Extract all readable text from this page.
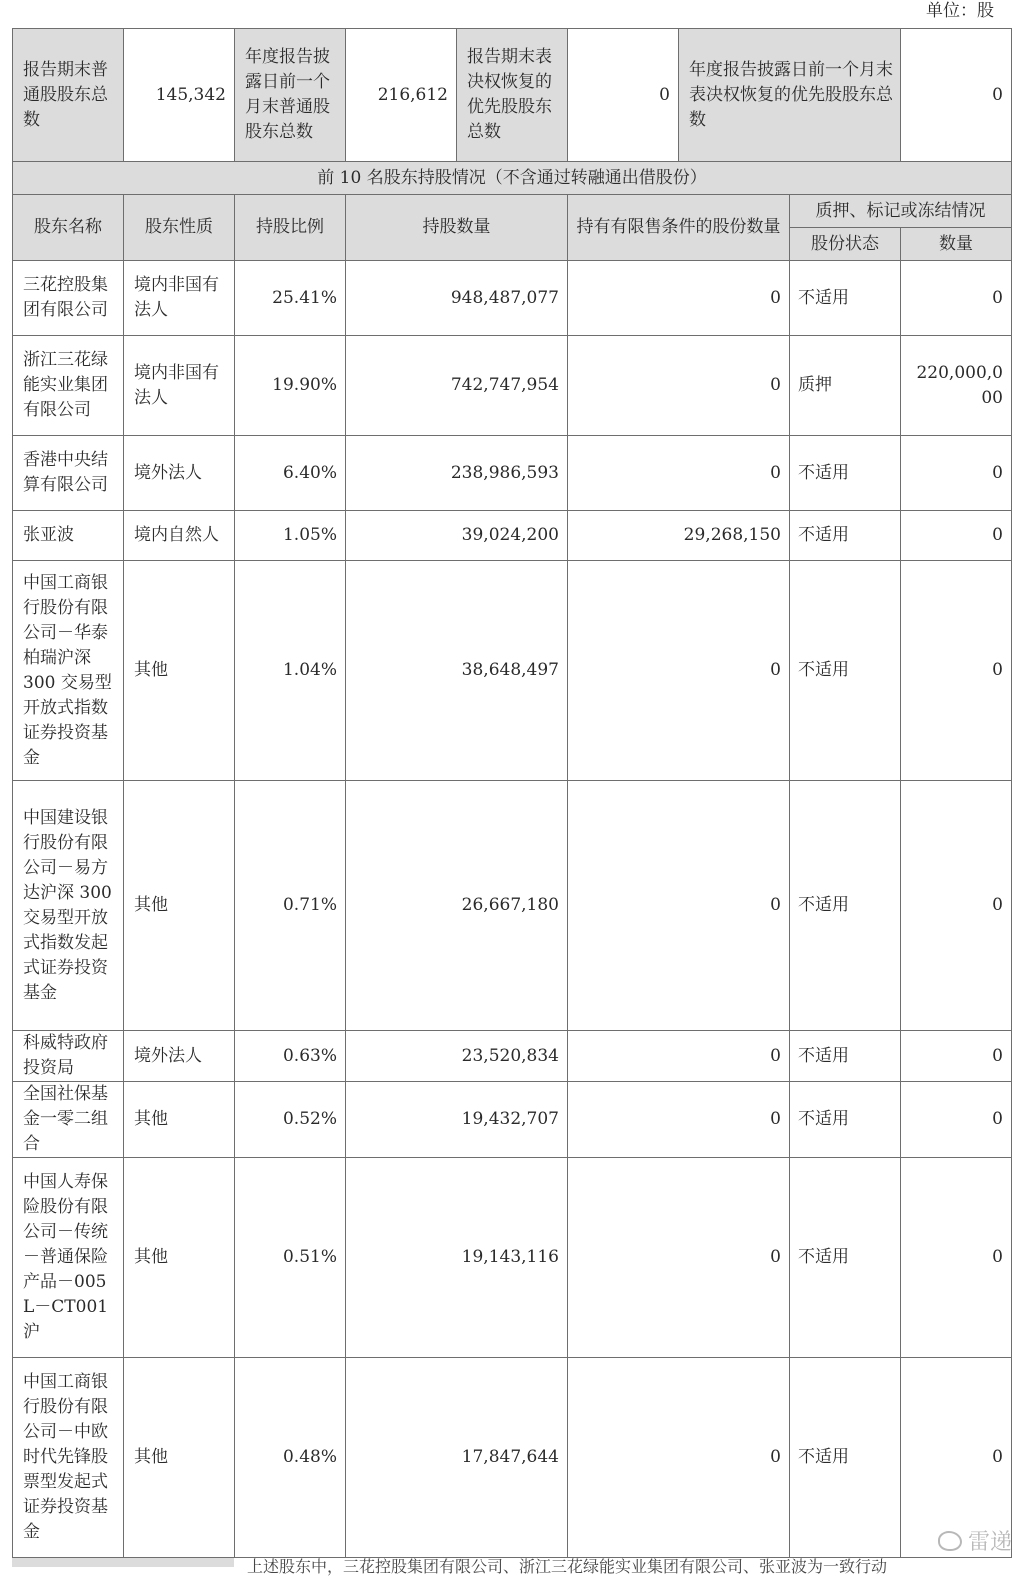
单位：股
报告期末普通股股东总数	145,342	年度报告披露日前一个月末普通股股东总数	216,612	报告期末表决权恢复的优先股股东总数	0	年度报告披露日前一个月末表决权恢复的优先股股东总数		0
前 10 名股东持股情况（不含通过转融通出借股份）								
股东名称	股东性质	持股比例	持股数量		持有有限售条件的股份数量		质押、标记或冻结情况	
							股份状态	数量
三花控股集团有限公司	境内非国有法人	25.41%	948,487,077		0		不适用	0
浙江三花绿能实业集团有限公司	境内非国有法人	19.90%	742,747,954		0		质押	220,000,000
香港中央结算有限公司	境外法人	6.40%	238,986,593		0		不适用	0
张亚波	境内自然人	1.05%	39,024,200		29,268,150		不适用	0
中国工商银行股份有限公司－华泰柏瑞沪深 300 交易型开放式指数证券投资基金	其他	1.04%	38,648,497		0		不适用	0
中国建设银行股份有限公司－易方达沪深 300 交易型开放式指数发起式证券投资基金	其他	0.71%	26,667,180		0		不适用	0
科威特政府投资局	境外法人	0.63%	23,520,834		0		不适用	0
全国社保基金一零二组合	其他	0.52%	19,432,707		0		不适用	0
中国人寿保险股份有限公司－传统－普通保险产品－005L－CT001 沪	其他	0.51%	19,143,116		0		不适用	0
中国工商银行股份有限公司－中欧时代先锋股票型发起式证券投资基金	其他	0.48%	17,847,644		0		不适用	0
上述股东中，三花控股集团有限公司、浙江三花绿能实业集团有限公司、张亚波为一致行动
雷递
